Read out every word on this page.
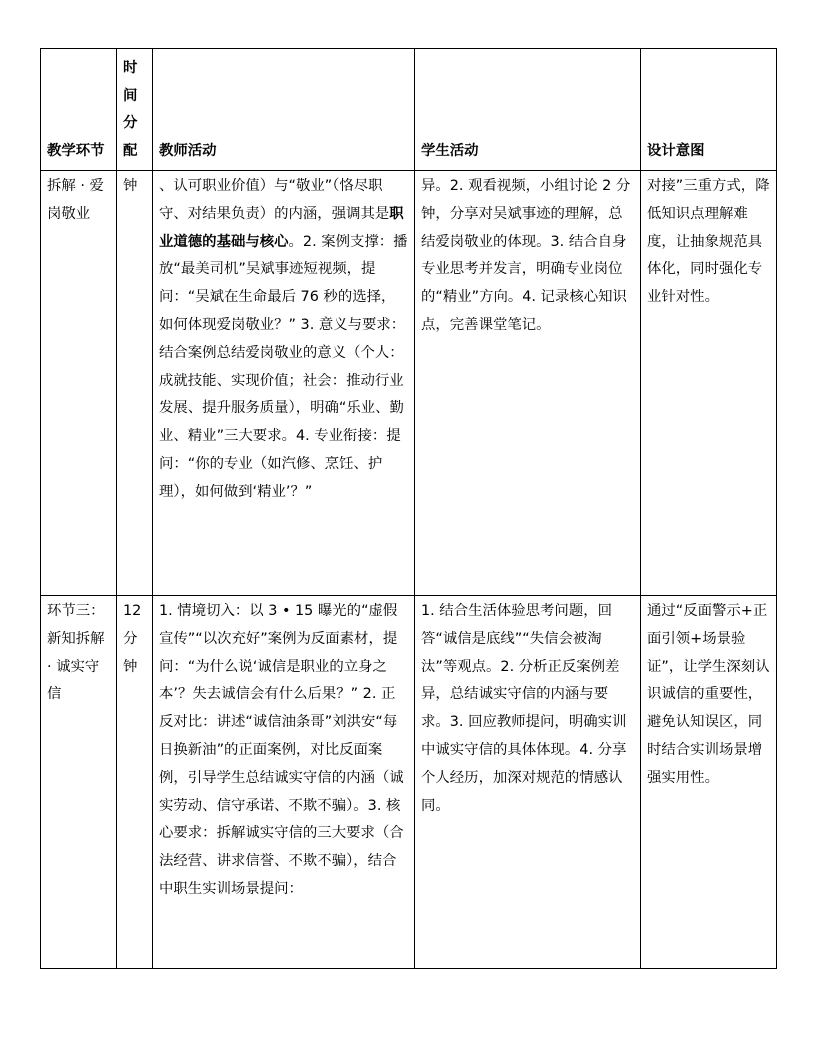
教学环节	时间分配	教师活动	学生活动	设计意图

拆解 · 爱岗敬业	钟	、认可职业价值）与“敬业”（恪尽职守、对结果负责）的内涵，强调其是职业道德的基础与核心。2. 案例支撑：播放“最美司机”吴斌事迹短视频，提问：“吴斌在生命最后 76 秒的选择，如何体现爱岗敬业？” 3. 意义与要求：结合案例总结爱岗敬业的意义（个人：成就技能、实现价值；社会：推动行业发展、提升服务质量），明确“乐业、勤业、精业”三大要求。4. 专业衔接：提问：“你的专业（如汽修、烹饪、护理），如何做到‘精业’？”	异。2. 观看视频，小组讨论 2 分钟，分享对吴斌事迹的理解，总结爱岗敬业的体现。3. 结合自身专业思考并发言，明确专业岗位的“精业”方向。4. 记录核心知识点，完善课堂笔记。	对接”三重方式，降低知识点理解难度，让抽象规范具体化，同时强化专业针对性。

环节三：新知拆解 · 诚实守信	12 分钟	1. 情境切入：以 3 • 15 曝光的“虚假宣传”“以次充好”案例为反面素材，提问：“为什么说‘诚信是职业的立身之本’？失去诚信会有什么后果？” 2. 正反对比：讲述“诚信油条哥”刘洪安“每日换新油”的正面案例，对比反面案例，引导学生总结诚实守信的内涵（诚实劳动、信守承诺、不欺不骗）。3. 核心要求：拆解诚实守信的三大要求（合法经营、讲求信誉、不欺不骗），结合中职生实训场景提问：	1. 结合生活体验思考问题，回答“诚信是底线”“失信会被淘汰”等观点。2. 分析正反案例差异，总结诚实守信的内涵与要求。3. 回应教师提问，明确实训中诚实守信的具体体现。4. 分享个人经历，加深对规范的情感认同。	通过“反面警示+正面引领+场景验证”，让学生深刻认识诚信的重要性，避免认知误区，同时结合实训场景增强实用性。
